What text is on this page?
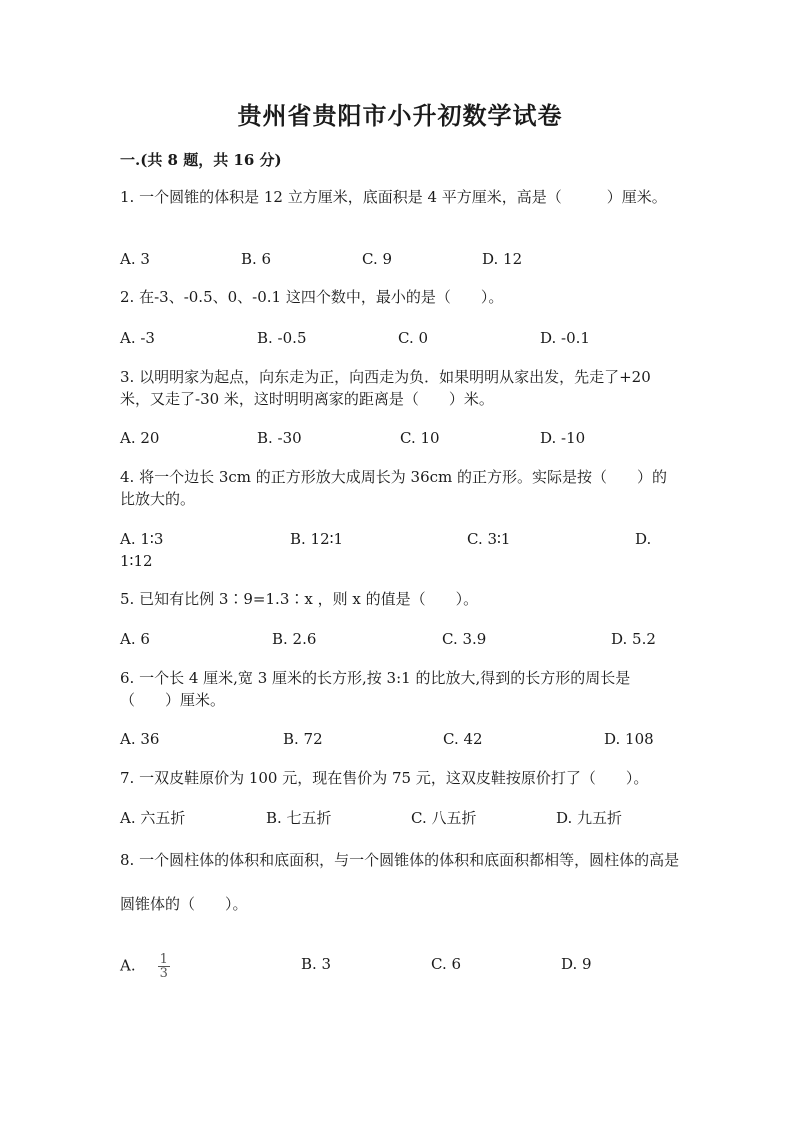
贵州省贵阳市小升初数学试卷
一.(共 8 题，共 16 分)
1. 一个圆锥的体积是 12 立方厘米，底面积是 4 平方厘米，高是（　　　）厘米。
A. 3	B. 6	C. 9	D. 12
2. 在-3、-0.5、0、-0.1 这四个数中，最小的是（　　）。
A. -3	B. -0.5	C. 0	D. -0.1
3. 以明明家为起点，向东走为正，向西走为负．如果明明从家出发，先走了+20 米，又走了-30 米，这时明明离家的距离是（　　）米。
A. 20	B. -30	C. 10	D. -10
4. 将一个边长 3cm 的正方形放大成周长为 36cm 的正方形。实际是按（　　）的比放大的。
A. 1∶3	B. 12∶1	C. 3∶1	D. 1∶12
5. 已知有比例 3∶9=1.3∶x ，则 x 的值是（　　）。
A. 6	B. 2.6	C. 3.9	D. 5.2
6. 一个长 4 厘米,宽 3 厘米的长方形,按 3:1 的比放大,得到的长方形的周长是（　　）厘米。
A. 36	B. 72	C. 42	D. 108
7. 一双皮鞋原价为 100 元，现在售价为 75 元，这双皮鞋按原价打了（　　）。
A. 六五折	B. 七五折	C. 八五折	D. 九五折
8. 一个圆柱体的体积和底面积，与一个圆锥体的体积和底面积都相等，圆柱体的高是圆锥体的（　　）。
A. $\frac{1}{3}$	B. 3	C. 6	D. 9
